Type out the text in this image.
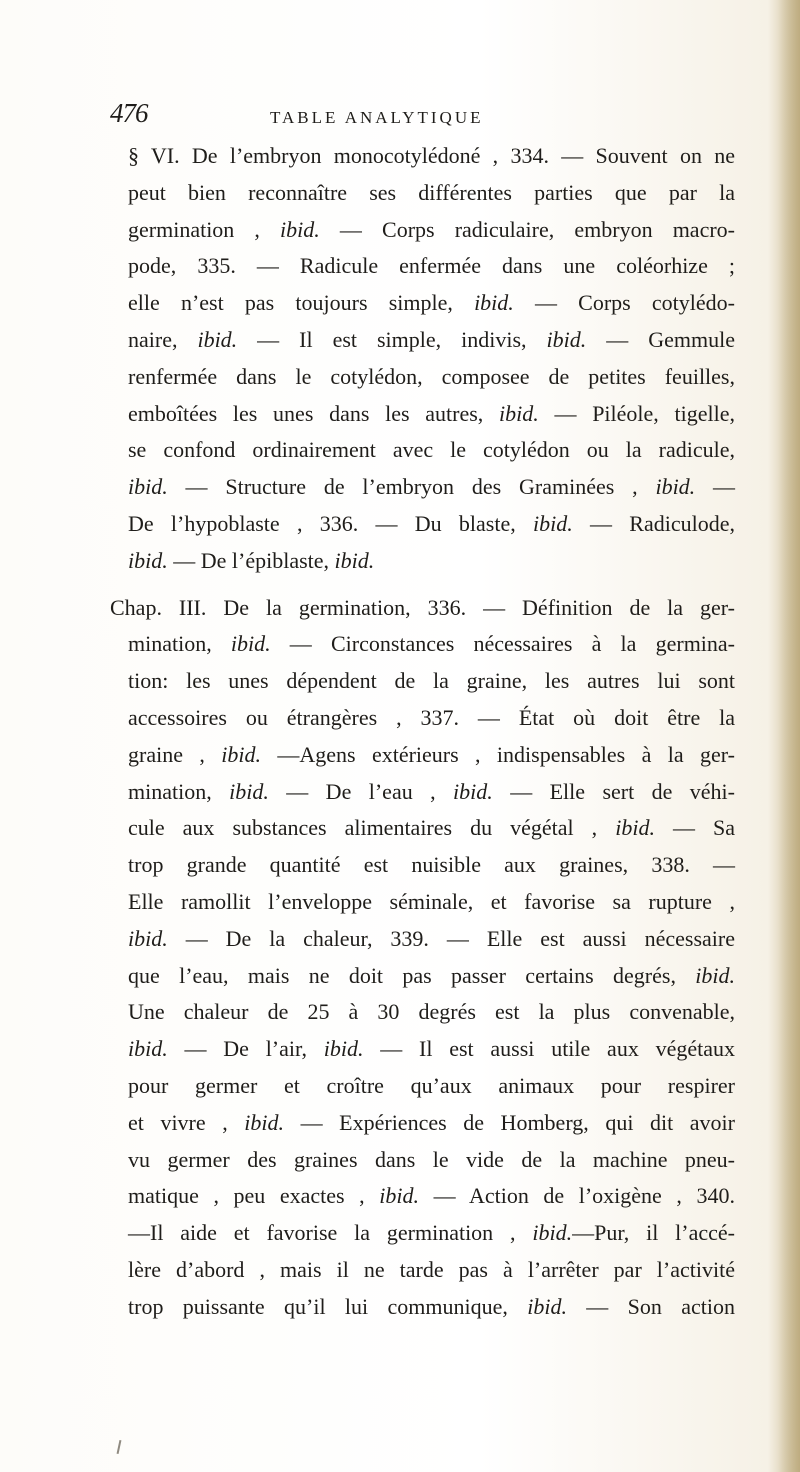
476	TABLE ANALYTIQUE
§ VI. De l’embryon monocotylédoné , 334. — Souvent on ne
peut bien reconnaître ses différentes parties que par la
germination , ibid. — Corps radiculaire, embryon macro-
pode, 335. — Radicule enfermée dans une coléorhize ;
elle n’est pas toujours simple, ibid. — Corps cotylédo-
naire, ibid. — Il est simple, indivis, ibid. — Gemmule
renfermée dans le cotylédon, composee de petites feuilles,
emboîtées les unes dans les autres, ibid. — Piléole, tigelle,
se confond ordinairement avec le cotylédon ou la radicule,
ibid. — Structure de l’embryon des Graminées , ibid. —
De l’hypoblaste , 336. — Du blaste, ibid. — Radiculode,
ibid. — De l’épiblaste, ibid.
Chap. III. De la germination, 336. — Définition de la ger-
mination, ibid. — Circonstances nécessaires à la germina-
tion: les unes dépendent de la graine, les autres lui sont
accessoires ou étrangères , 337. — État où doit être la
graine , ibid. —Agens extérieurs , indispensables à la ger-
mination, ibid. — De l’eau , ibid. — Elle sert de véhi-
cule aux substances alimentaires du végétal , ibid. — Sa
trop grande quantité est nuisible aux graines, 338. —
Elle ramollit l’enveloppe séminale, et favorise sa rupture ,
ibid. — De la chaleur, 339. — Elle est aussi nécessaire
que l’eau, mais ne doit pas passer certains degrés, ibid.
Une chaleur de 25 à 30 degrés est la plus convenable,
ibid. — De l’air, ibid. — Il est aussi utile aux végétaux
pour germer et croître qu’aux animaux pour respirer
et vivre , ibid. — Expériences de Homberg, qui dit avoir
vu germer des graines dans le vide de la machine pneu-
matique , peu exactes , ibid. — Action de l’oxigène , 340.
—Il aide et favorise la germination , ibid.—Pur, il l’accé-
lère d’abord , mais il ne tarde pas à l’arrêter par l’activité
trop puissante qu’il lui communique, ibid. — Son action
